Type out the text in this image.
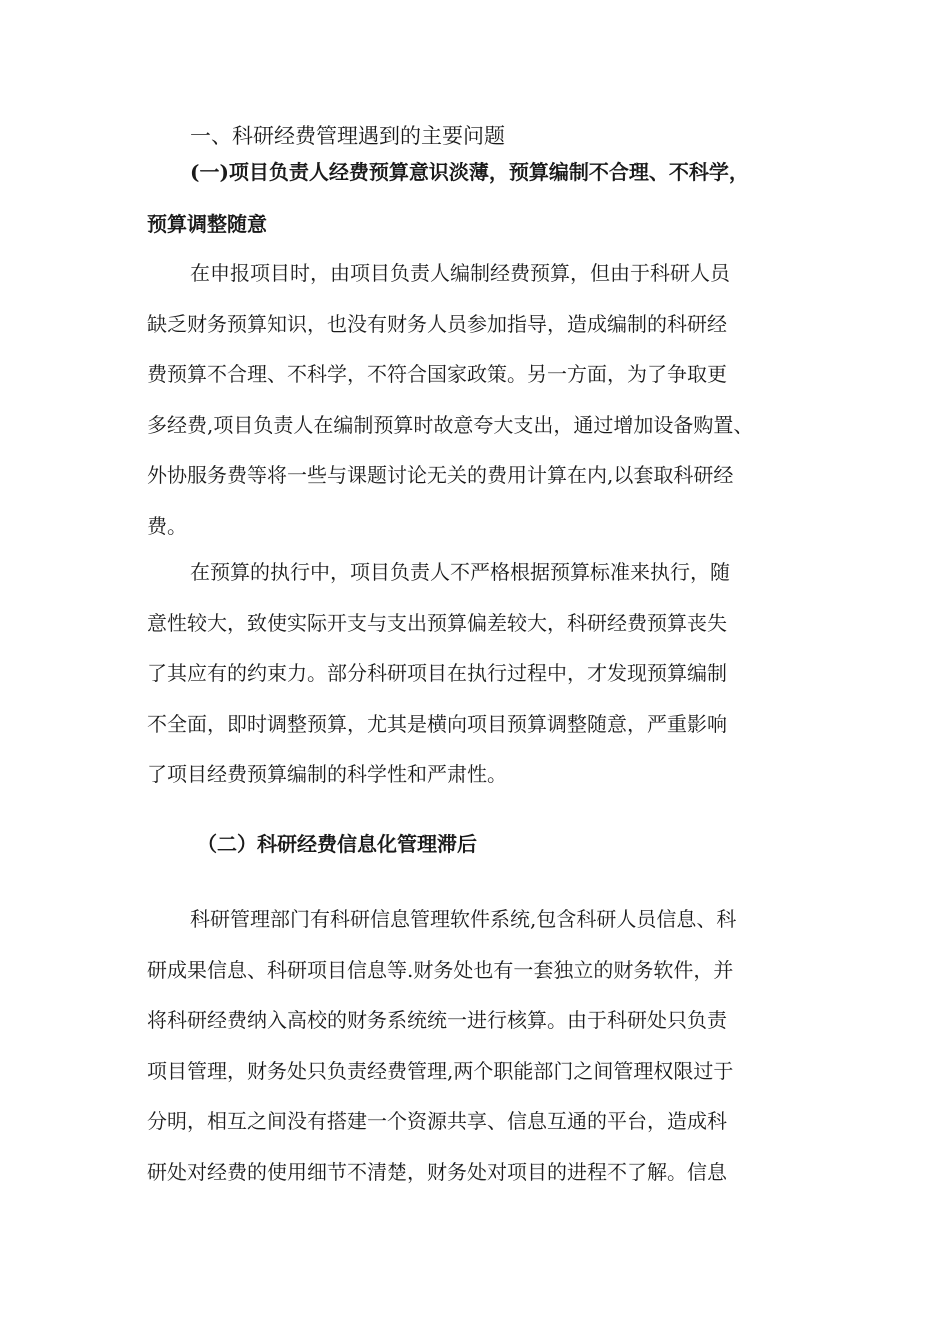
一、科研经费管理遇到的主要问题
(一)项目负责人经费预算意识淡薄，预算编制不合理、不科学，
预算调整随意

在申报项目时，由项目负责人编制经费预算，但由于科研人员
缺乏财务预算知识，也没有财务人员参加指导，造成编制的科研经
费预算不合理、不科学，不符合国家政策。另一方面，为了争取更
多经费,项目负责人在编制预算时故意夸大支出，通过增加设备购置、
外协服务费等将一些与课题讨论无关的费用计算在内,以套取科研经
费。

在预算的执行中，项目负责人不严格根据预算标准来执行，随
意性较大，致使实际开支与支出预算偏差较大，科研经费预算丧失
了其应有的约束力。部分科研项目在执行过程中，才发现预算编制
不全面，即时调整预算，尤其是横向项目预算调整随意，严重影响
了项目经费预算编制的科学性和严肃性。

（二）科研经费信息化管理滞后

科研管理部门有科研信息管理软件系统,包含科研人员信息、科
研成果信息、科研项目信息等.财务处也有一套独立的财务软件，并
将科研经费纳入高校的财务系统统一进行核算。由于科研处只负责
项目管理，财务处只负责经费管理,两个职能部门之间管理权限过于
分明，相互之间没有搭建一个资源共享、信息互通的平台，造成科
研处对经费的使用细节不清楚，财务处对项目的进程不了解。信息
